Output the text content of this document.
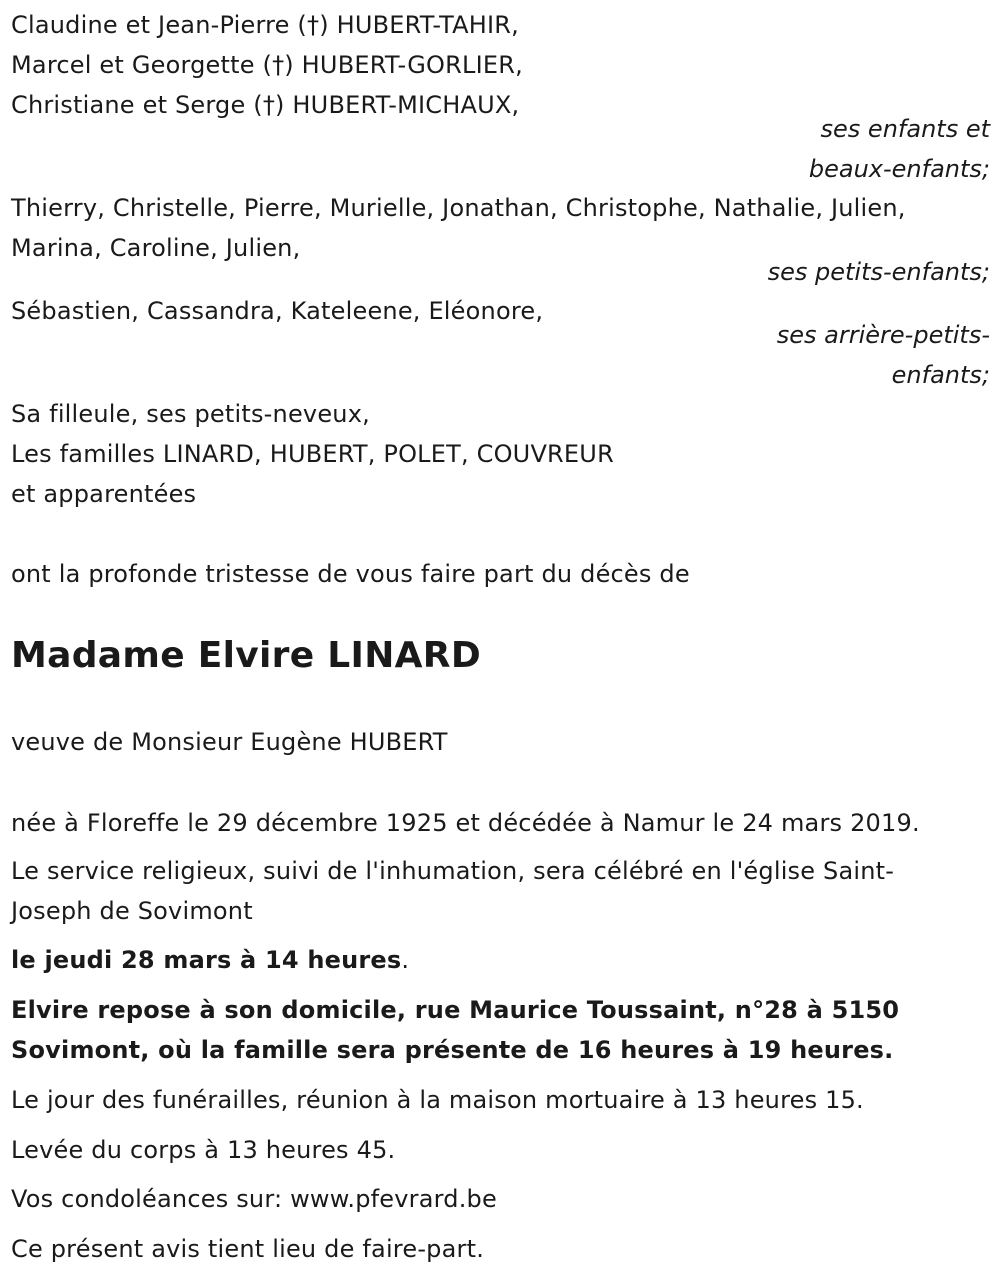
Claudine et Jean-Pierre (†) HUBERT-TAHIR,
Marcel et Georgette (†) HUBERT-GORLIER,
Christiane et Serge (†) HUBERT-MICHAUX,
ses enfants et
beaux-enfants;
Thierry, Christelle, Pierre, Murielle, Jonathan, Christophe, Nathalie, Julien,
Marina, Caroline, Julien,
ses petits-enfants;
Sébastien, Cassandra, Kateleene, Eléonore,
ses arrière-petits-
enfants;
Sa filleule, ses petits-neveux,
Les familles LINARD, HUBERT, POLET, COUVREUR
et apparentées
ont la profonde tristesse de vous faire part du décès de
Madame Elvire LINARD
veuve de Monsieur Eugène HUBERT
née à Floreffe le 29 décembre 1925 et décédée à Namur le 24 mars 2019.
Le service religieux, suivi de l'inhumation, sera célébré en l'église Saint-
Joseph de Sovimont
le jeudi 28 mars à 14 heures.
Elvire repose à son domicile, rue Maurice Toussaint, n°28 à 5150
Sovimont, où la famille sera présente de 16 heures à 19 heures.
Le jour des funérailles, réunion à la maison mortuaire à 13 heures 15.
Levée du corps à 13 heures 45.
Vos condoléances sur: www.pfevrard.be
Ce présent avis tient lieu de faire-part.
